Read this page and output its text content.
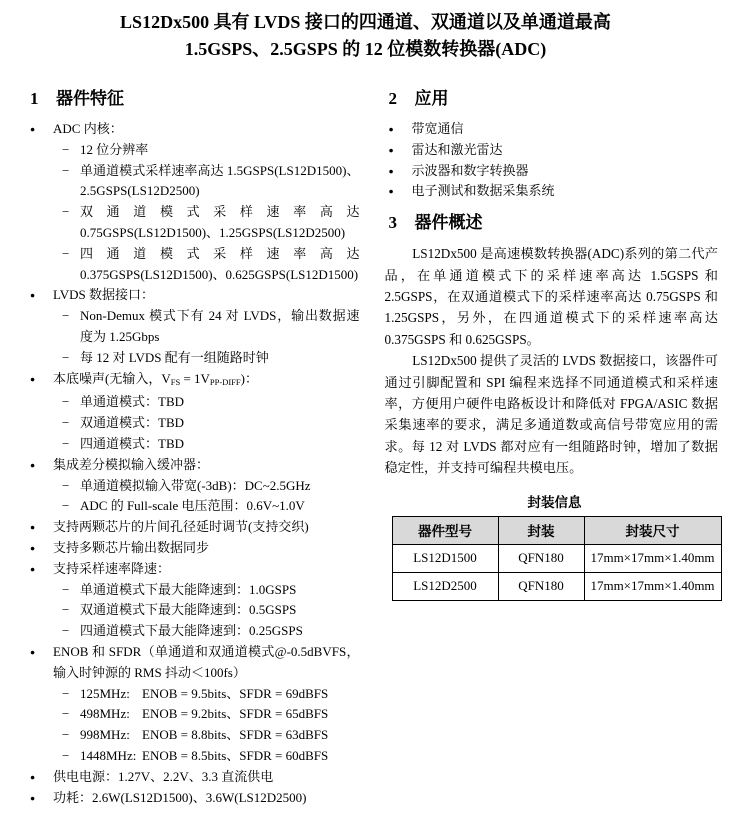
LS12Dx500 具有 LVDS 接口的四通道、双通道以及单通道最高
1.5GSPS、2.5GSPS 的 12 位模数转换器(ADC)
1	器件特征
●	ADC 内核：
− 12 位分辨率
− 单通道模式采样速率高达 1.5GSPS(LS12D1500)、2.5GSPS(LS12D2500)
− 双通道模式采样速率高达 0.75GSPS(LS12D1500)、1.25GSPS(LS12D2500)
− 四通道模式采样速率高达 0.375GSPS(LS12D1500)、0.625GSPS(LS12D1500)
●	LVDS 数据接口：
− Non-Demux 模式下有 24 对 LVDS，输出数据速度为 1.25Gbps
− 每 12 对 LVDS 配有一组随路时钟
●	本底噪声(无输入，VFS = 1VPP-DIFF)：
− 单通道模式：TBD
− 双通道模式：TBD
− 四通道模式：TBD
●	集成差分模拟输入缓冲器：
− 单通道模拟输入带宽(-3dB)：DC~2.5GHz
− ADC 的 Full-scale 电压范围：0.6V~1.0V
●	支持两颗芯片的片间孔径延时调节(支持交织)
●	支持多颗芯片输出数据同步
●	支持采样速率降速：
− 单通道模式下最大能降速到：1.0GSPS
− 双通道模式下最大能降速到：0.5GSPS
− 四通道模式下最大能降速到：0.25GSPS
●	ENOB 和 SFDR（单通道和双通道模式@-0.5dBVFS，输入时钟源的 RMS 抖动＜100fs）
− 125MHz: ENOB = 9.5bits、SFDR = 69dBFS
− 498MHz: ENOB = 9.2bits、SFDR = 65dBFS
− 998MHz: ENOB = 8.8bits、SFDR = 63dBFS
− 1448MHz: ENOB = 8.5bits、SFDR = 60dBFS
●	供电电源：1.27V、2.2V、3.3 直流供电
●	功耗：2.6W(LS12D1500)、3.6W(LS12D2500)
2	应用
●	带宽通信
●	雷达和激光雷达
●	示波器和数字转换器
●	电子测试和数据采集系统
3	器件概述

LS12Dx500 是高速模数转换器(ADC)系列的第二代产品，在单通道模式下的采样速率高达 1.5GSPS 和 2.5GSPS，在双通道模式下的采样速率高达 0.75GSPS 和 1.25GSPS，另外，在四通道模式下的采样速率高达 0.375GSPS 和 0.625GSPS。

LS12Dx500 提供了灵活的 LVDS 数据接口，该器件可通过引脚配置和 SPI 编程来选择不同通道模式和采样速率，方便用户硬件电路板设计和降低对 FPGA/ASIC 数据采集速率的要求，满足多通道数或高信号带宽应用的需求。每 12 对 LVDS 都对应有一组随路时钟，增加了数据稳定性，并支持可编程共模电压。

封装信息
器件型号	封装	封装尺寸
LS12D1500	QFN180	17mm×17mm×1.40mm
LS12D2500	QFN180	17mm×17mm×1.40mm
